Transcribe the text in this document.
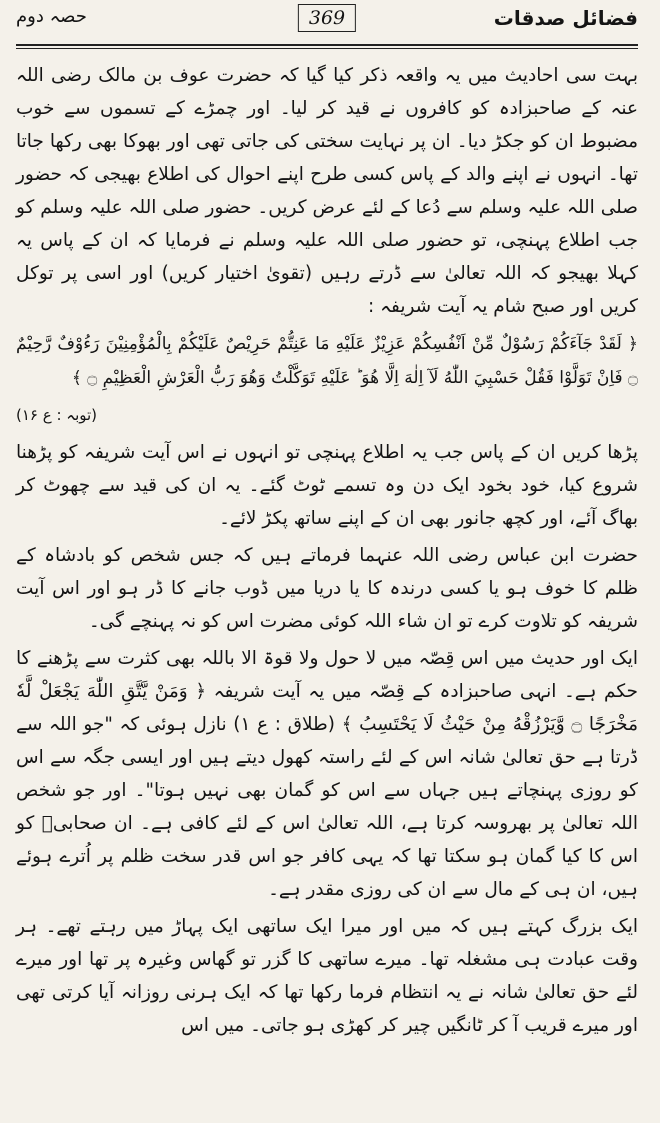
فضائل صدقات
369
حصہ دوم

بہت سی احادیث میں یہ واقعہ ذکر کیا گیا کہ حضرت عوف بن مالک رضی اللہ عنہ کے صاحبزادہ کو کافروں نے قید کر لیا۔ اور چمڑے کے تسموں سے خوب مضبوط ان کو جکڑ دیا۔ ان پر نہایت سختی کی جاتی تھی اور بھوکا بھی رکھا جاتا تھا۔ انہوں نے اپنے والد کے پاس کسی طرح اپنے احوال کی اطلاع بھیجی کہ حضور صلی اللہ علیہ وسلم سے دُعا کے لئے عرض کریں۔ حضور صلی اللہ علیہ وسلم کو جب اطلاع پہنچی، تو حضور صلی اللہ علیہ وسلم نے فرمایا کہ ان کے پاس یہ کہلا بھیجو کہ اللہ تعالیٰ سے ڈرتے رہیں (تقویٰ اختیار کریں) اور اسی پر توکل کریں اور صبح شام یہ آیت شریفہ :

﴿ لَقَدْ جَآءَكُمْ رَسُوْلٌ مِّنْ اَنْفُسِكُمْ عَزِيْزٌ عَلَيْهِ مَا عَنِتُّمْ حَرِيْصٌ عَلَيْكُمْ بِالْمُؤْمِنِيْنَ رَءُوْفٌ رَّحِيْمٌ ۝ فَاِنْ تَوَلَّوْا فَقُلْ حَسْبِيَ اللّٰهُ لَآ اِلٰهَ اِلَّا هُوَ ؕ عَلَيْهِ تَوَكَّلْتُ وَهُوَ رَبُّ الْعَرْشِ الْعَظِيْمِ ۝ ﴾

(توبہ : ع ۱۶)

پڑھا کریں ان کے پاس جب یہ اطلاع پہنچی تو انہوں نے اس آیت شریفہ کو پڑھنا شروع کیا، خود بخود ایک دن وہ تسمے ٹوٹ گئے۔ یہ ان کی قید سے چھوٹ کر بھاگ آئے، اور کچھ جانور بھی ان کے اپنے ساتھ پکڑ لائے۔

حضرت ابن عباس رضی اللہ عنہما فرماتے ہیں کہ جس شخص کو بادشاہ کے ظلم کا خوف ہو یا کسی درندہ کا یا دریا میں ڈوب جانے کا ڈر ہو اور اس آیت شریفہ کو تلاوت کرے تو ان شاء اللہ کوئی مضرت اس کو نہ پہنچے گی۔

ایک اور حدیث میں اس قِصّہ میں لا حول ولا قوۃ الا باللہ بھی کثرت سے پڑھنے کا حکم ہے۔ انہی صاحبزادہ کے قِصّہ میں یہ آیت شریفہ ﴿ وَمَنْ يَّتَّقِ اللّٰهَ يَجْعَلْ لَّهٗ مَخْرَجًا ۝ وَّيَرْزُقْهُ مِنْ حَيْثُ لَا يَحْتَسِبُ ﴾ (طلاق : ع ۱) نازل ہوئی کہ "جو اللہ سے ڈرتا ہے حق تعالیٰ شانہ اس کے لئے راستہ کھول دیتے ہیں اور ایسی جگہ سے اس کو روزی پہنچاتے ہیں جہاں سے اس کو گمان بھی نہیں ہوتا"۔ اور جو شخص اللہ تعالیٰ پر بھروسہ کرتا ہے، اللہ تعالیٰ اس کے لئے کافی ہے۔ ان صحابیؓ کو اس کا کیا گمان ہو سکتا تھا کہ یہی کافر جو اس قدر سخت ظلم پر اُترے ہوئے ہیں، ان ہی کے مال سے ان کی روزی مقدر ہے۔

ایک بزرگ کہتے ہیں کہ میں اور میرا ایک ساتھی ایک پہاڑ میں رہتے تھے۔ ہر وقت عبادت ہی مشغلہ تھا۔ میرے ساتھی کا گزر تو گھاس وغیرہ پر تھا اور میرے لئے حق تعالیٰ شانہ نے یہ انتظام فرما رکھا تھا کہ ایک ہرنی روزانہ آیا کرتی تھی اور میرے قریب آ کر ٹانگیں چیر کر کھڑی ہو جاتی۔ میں اس
